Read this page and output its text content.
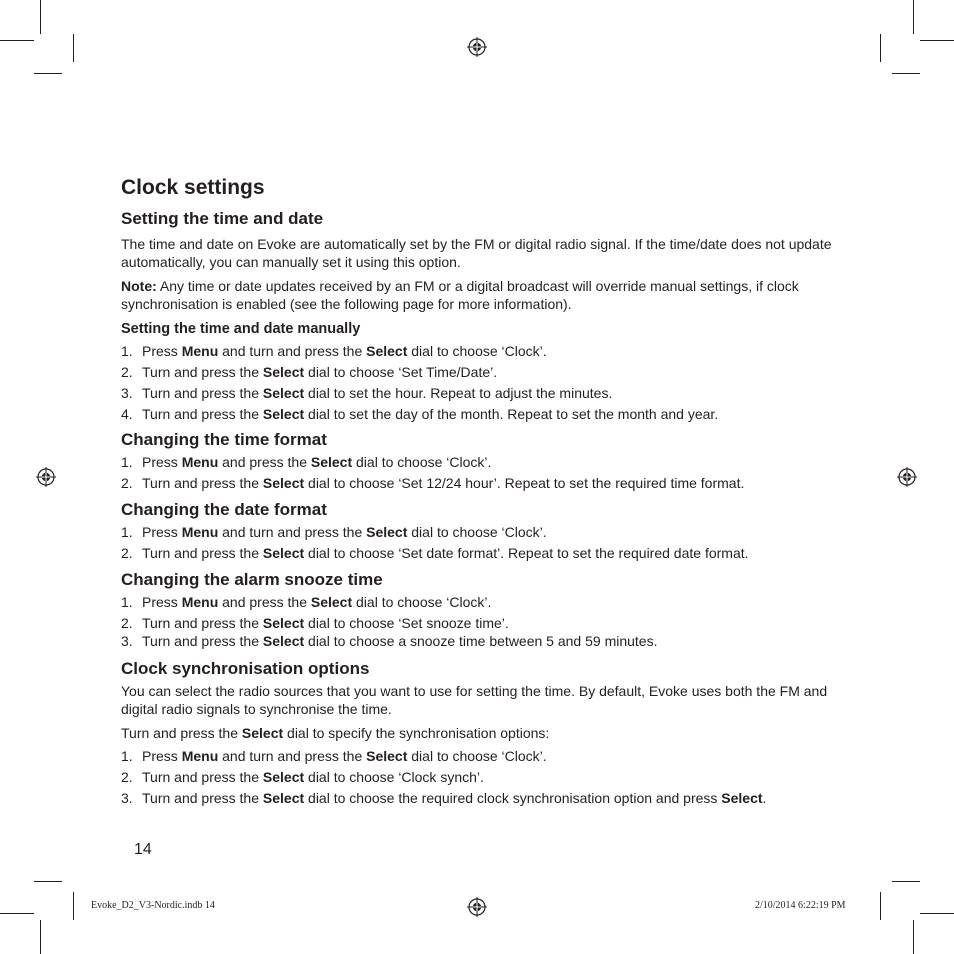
Clock settings
Setting the time and date

The time and date on Evoke are automatically set by the FM or digital radio signal. If the time/date does not update automatically, you can manually set it using this option.

Note: Any time or date updates received by an FM or a digital broadcast will override manual settings, if clock synchronisation is enabled (see the following page for more information).

Setting the time and date manually

1. Press Menu and turn and press the Select dial to choose ‘Clock’.

2. Turn and press the Select dial to choose ‘Set Time/Date’.

3. Turn and press the Select dial to set the hour. Repeat to adjust the minutes.

4. Turn and press the Select dial to set the day of the month. Repeat to set the month and year.

Changing the time format

1. Press Menu and press the Select dial to choose ‘Clock’.

2. Turn and press the Select dial to choose ‘Set 12/24 hour’. Repeat to set the required time format.

Changing the date format

1. Press Menu and turn and press the Select dial to choose ‘Clock’.

2. Turn and press the Select dial to choose ‘Set date format’. Repeat to set the required date format.

Changing the alarm snooze time

1. Press Menu and press the Select dial to choose ‘Clock’.

2. Turn and press the Select dial to choose ‘Set snooze time’.

3. Turn and press the Select dial to choose a snooze time between 5 and 59 minutes.

Clock synchronisation options

You can select the radio sources that you want to use for setting the time. By default, Evoke uses both the FM and digital radio signals to synchronise the time.

Turn and press the Select dial to specify the synchronisation options:

1. Press Menu and turn and press the Select dial to choose ‘Clock’.

2. Turn and press the Select dial to choose ‘Clock synch’.

3. Turn and press the Select dial to choose the required clock synchronisation option and press Select.

14
Evoke_D2_V3-Nordic.indb 14	2/10/2014 6:22:19 PM
